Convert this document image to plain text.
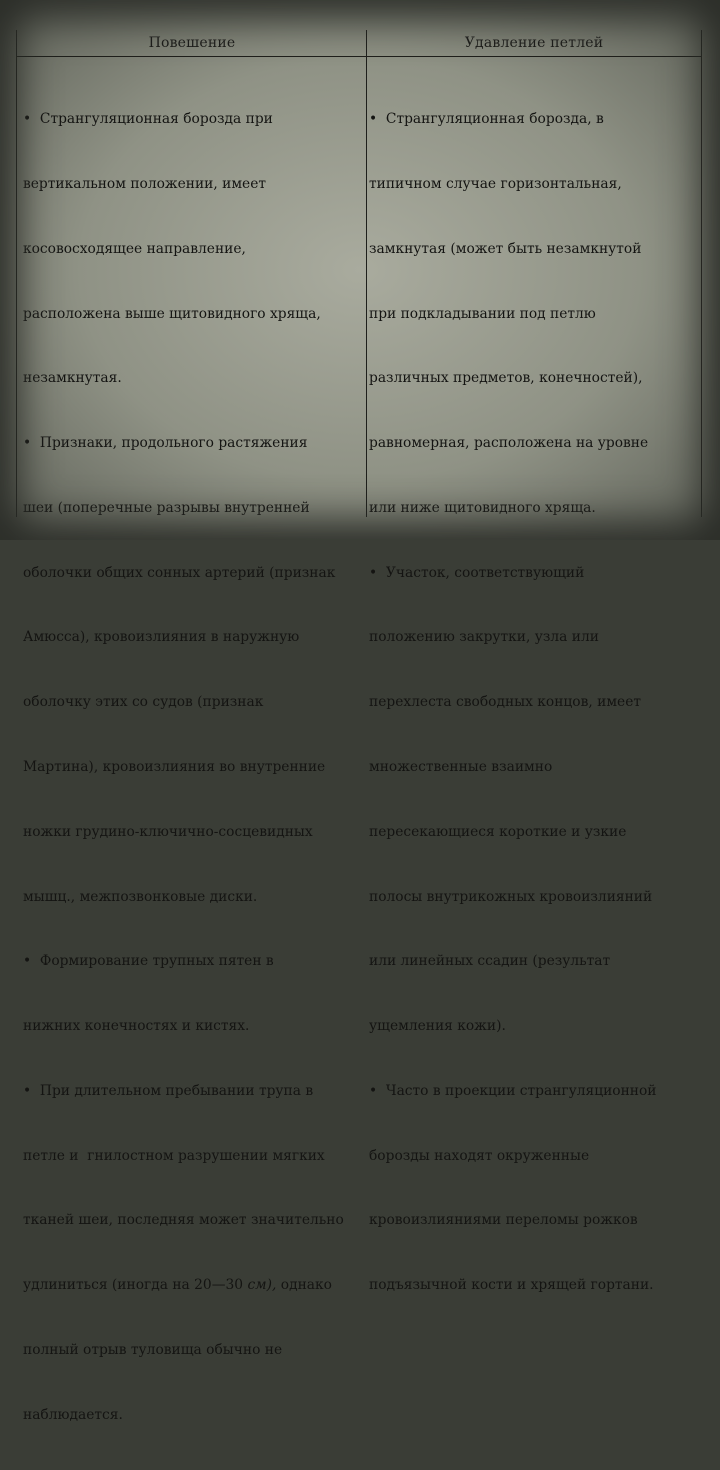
Повешение	Удавление петлей

•  Странгуляционная борозда при

вертикальном положении, имеет

косовосходящее направление,

расположена выше щитовидного хряща,

незамкнутая.

•  Признаки, продольного растяжения

шеи (поперечные разрывы внутренней

оболочки общих сонных артерий (признак

Амюсса), кровоизлияния в наружную

оболочку этих со судов (признак

Мартина), кровоизлияния во внутренние

ножки грудино-ключично-сосцевидных

мышц., межпозвонковые диски.

•  Формирование трупных пятен в

нижних конечностях и кистях.

•  При длительном пребывании трупа в

петле и  гнилостном разрушении мягких

тканей шеи, последняя может значительно

удлиниться (иногда на 20—30 см), однако

полный отрыв туловища обычно не

наблюдается.

•  Странгуляционная борозда, в

типичном случае горизонтальная,

замкнутая (может быть незамкнутой

при подкладывании под петлю

различных предметов, конечностей),

равномерная, расположена на уровне

или ниже щитовидного хряща.

•  Участок, соответствующий

положению закрутки, узла или

перехлеста свободных концов, имеет

множественные взаимно

пересекающиеся короткие и узкие

полосы внутрикожных кровоизлияний

или линейных ссадин (результат

ущемления кожи).

•  Часто в проекции странгуляционной

борозды находят окруженные

кровоизлияниями переломы рожков

подъязычной кости и хрящей гортани.
